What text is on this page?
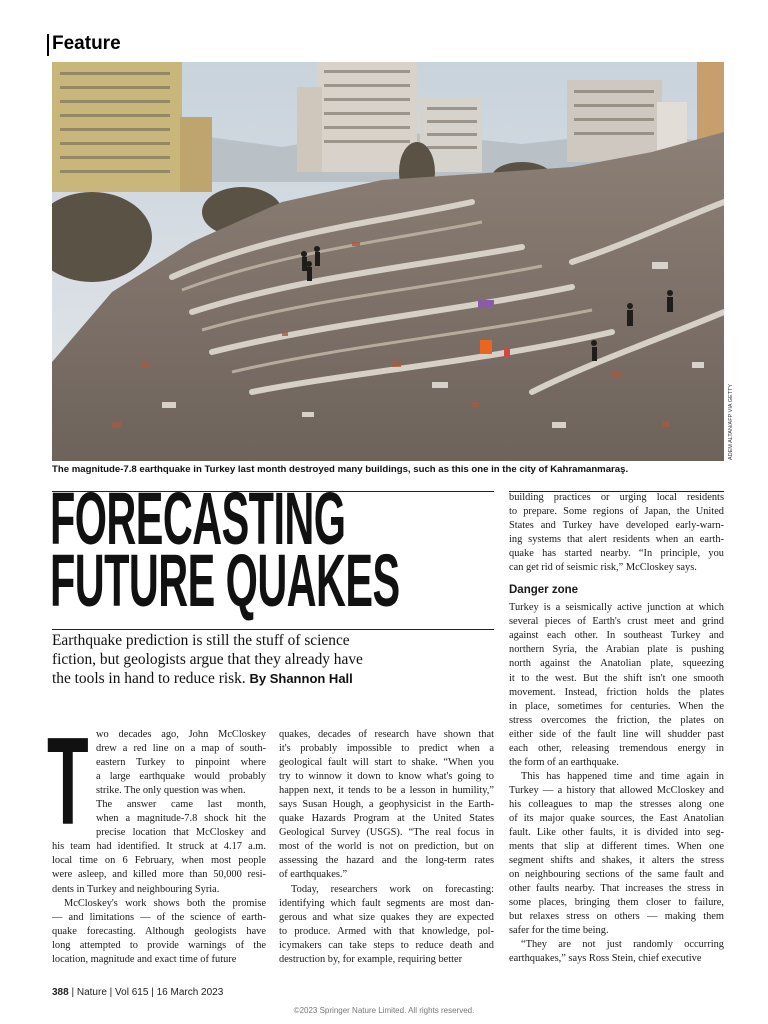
Feature
ADEM ALTAN/AFP VIA GETTY
The magnitude-7.8 earthquake in Turkey last month destroyed many buildings, such as this one in the city of Kahramanmaraş.
FORECASTING
FUTURE QUAKES
Earthquake prediction is still the stuff of science
fiction, but geologists argue that they already have
the tools in hand to reduce risk. By Shannon Hall
T wo decades ago, John McCloskey
drew a red line on a map of south-
eastern Turkey to pinpoint where
a large earthquake would probably
strike. The only question was when.
The answer came last month,
when a magnitude-7.8 shock hit the
precise location that McCloskey and
his team had identified. It struck at 4.17 a.m.
local time on 6 February, when most people
were asleep, and killed more than 50,000 resi-
dents in Turkey and neighbouring Syria.
McCloskey's work shows both the promise
— and limitations — of the science of earth-
quake forecasting. Although geologists have
long attempted to provide warnings of the
location, magnitude and exact time of future
quakes, decades of research have shown that
it's probably impossible to predict when a
geological fault will start to shake. “When you
try to winnow it down to know what's going to
happen next, it tends to be a lesson in humility,”
says Susan Hough, a geophysicist in the Earth-
quake Hazards Program at the United States
Geological Survey (USGS). “The real focus in
most of the world is not on prediction, but on
assessing the hazard and the long-term rates
of earthquakes.”
Today, researchers work on forecasting:
identifying which fault segments are most dan-
gerous and what size quakes they are expected
to produce. Armed with that knowledge, pol-
icymakers can take steps to reduce death and
destruction by, for example, requiring better
building practices or urging local residents
to prepare. Some regions of Japan, the United
States and Turkey have developed early-warn-
ing systems that alert residents when an earth-
quake has started nearby. “In principle, you
can get rid of seismic risk,” McCloskey says.
Danger zone
Turkey is a seismically active junction at which
several pieces of Earth's crust meet and grind
against each other. In southeast Turkey and
northern Syria, the Arabian plate is pushing
north against the Anatolian plate, squeezing
it to the west. But the shift isn't one smooth
movement. Instead, friction holds the plates
in place, sometimes for centuries. When the
stress overcomes the friction, the plates on
either side of the fault line will shudder past
each other, releasing tremendous energy in
the form of an earthquake.
This has happened time and time again in
Turkey — a history that allowed McCloskey and
his colleagues to map the stresses along one
of its major quake sources, the East Anatolian
fault. Like other faults, it is divided into seg-
ments that slip at different times. When one
segment shifts and shakes, it alters the stress
on neighbouring sections of the same fault and
other faults nearby. That increases the stress in
some places, bringing them closer to failure,
but relaxes stress on others — making them
safer for the time being.
“They are not just randomly occurring
earthquakes,” says Ross Stein, chief executive
388 | Nature | Vol 615 | 16 March 2023
©2023 Springer Nature Limited. All rights reserved.
